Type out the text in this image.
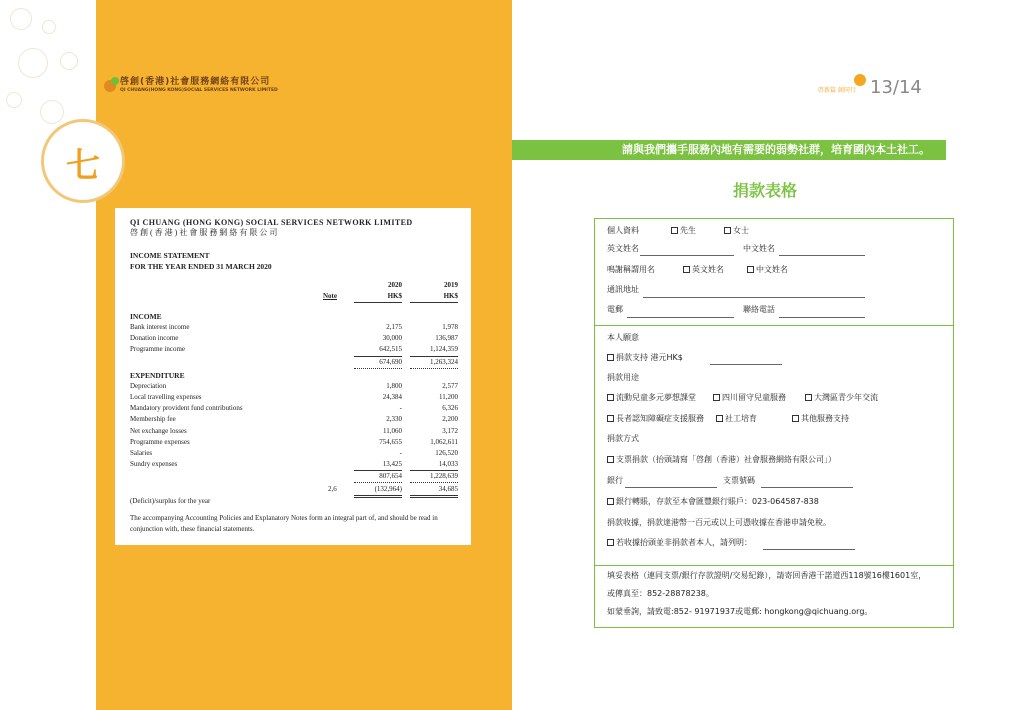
啓創(香港)社會服務網絡有限公司
QI CHUANG(HONG KONG)SOCIAL SERVICES NETWORK LIMITED
七
核數報告
QI CHUANG (HONG KONG) SOCIAL SERVICES NETWORK LIMITED
啓創(香港)社會服務網絡有限公司
INCOME STATEMENT
FOR THE YEAR ENDED 31 MARCH 2020
2020	2019
Note	HK$	HK$
INCOME
Bank interest income	2,175	1,978
Donation income	30,000	136,987
Programme income	642,515	1,124,359
674,690	1,263,324
EXPENDITURE
Depreciation	1,800	2,577
Local travelling expenses	24,384	11,200
Mandatory provident fund contributions	-	6,326
Membership fee	2,330	2,200
Net exchange losses	11,060	3,172
Programme expenses	754,655	1,062,611
Salaries	-	126,520
Sundry expenses	13,425	14,033
807,654	1,228,639
2,6	(132,964)	34,685
(Deficit)/surplus for the year
The accompanying Accounting Policies and Explanatory Notes form an integral part of, and should be read in conjunction with, these financial statements.
啓新篇 創同行 13/14
請與我們攜手服務內地有需要的弱勢社群，培育國內本土社工。
捐款表格
個人資料	先生	女士
英文姓名	中文姓名
鳴謝稱謂用名	英文姓名	中文姓名
通訊地址
電郵	聯絡電話
本人願意
捐款支持 港元HK$
捐款用途
流動兒童多元夢想課堂	四川留守兒童服務	大灣區青少年交流
長者認知障礙症支援服務	社工培育	其他服務支持
捐款方式
支票捐款（抬頭請寫「啓創（香港）社會服務網絡有限公司」）
銀行	支票號碼
銀行轉賬，存款至本會匯豐銀行賬戶：023-064587-838
捐款收據，捐款達港幣一百元或以上可憑收據在香港申請免稅。
若收據抬頭並非捐款者本人，請列明：
填妥表格（連同支票/銀行存款證明/交易紀錄），請寄回香港干諾道西118號16樓1601室，
或傳真至：852-28878238。
如蒙垂詢，請致電:852- 91971937或電郵: hongkong@qichuang.org。
